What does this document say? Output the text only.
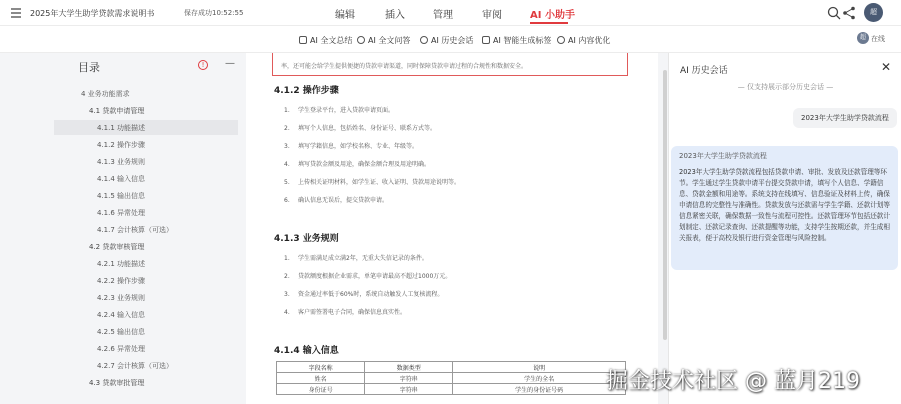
2025年大学生助学贷款需求说明书	保存成功10:52:55	编辑	插入	管理	审阅	AI 小助手	超
AI 全文总结	AI 全文问答	AI 历史会话	AI 智能生成标签	AI 内容优化	超 在线
目录	!	—
4 业务功能需求
4.1 贷款申请管理
4.1.1 功能描述
4.1.2 操作步骤
4.1.3 业务规则
4.1.4 输入信息
4.1.5 输出信息
4.1.6 异常处理
4.1.7 会计核算（可选）
4.2 贷款审核管理
4.2.1 功能描述
4.2.2 操作步骤
4.2.3 业务规则
4.2.4 输入信息
4.2.5 输出信息
4.2.6 异常处理
4.2.7 会计核算（可选）
4.3 贷款审批管理
率，还可能会给学生提供便捷的贷款申请渠道，同时保障贷款申请过程的合规性和数据安全。
4.1.2 操作步骤
1. 学生登录平台，进入贷款申请页面。
2. 填写个人信息，包括姓名、身份证号、联系方式等。
3. 填写学籍信息，如学校名称、专业、年级等。
4. 填写贷款金额及用途，确保金额合理及用途明确。
5. 上传相关证明材料，如学生证、收入证明、贷款用途说明等。
6. 确认信息无误后，提交贷款申请。
4.1.3 业务规则
1. 学生需满足成立满2年，无重大失信记录的条件。
2. 贷款额度根据企业需求，单笔申请最高不超过1000万元。
3. 资金通过率低于60%时，系统自动触发人工复核流程。
4. 客户需签署电子合同，确保信息真实性。
4.1.4 输入信息
字段名称	数据类型	说明
姓名	字符串	学生的全名
身份证号	字符串	学生的身份证号码
AI 历史会话	✕
— 仅支持展示部分历史会话 —
2023年大学生助学贷款流程
2023年大学生助学贷款流程
2023年大学生助学贷款流程包括贷款申请、审批、发放及还款管理等环节。学生通过学生贷款申请平台提交贷款申请，填写个人信息、学籍信息、贷款金额和用途等。系统支持在线填写、信息验证及材料上传，确保申请信息的完整性与准确性。贷款发放与还款需与学生学籍、还款计划等信息紧密关联，确保数据一致性与流程可控性。还款管理环节包括还款计划制定、还款记录查询、还款提醒等功能，支持学生按期还款，并生成相关报表，便于高校及银行进行资金管理与风险控制。
掘金技术社区 @ 蓝月219
